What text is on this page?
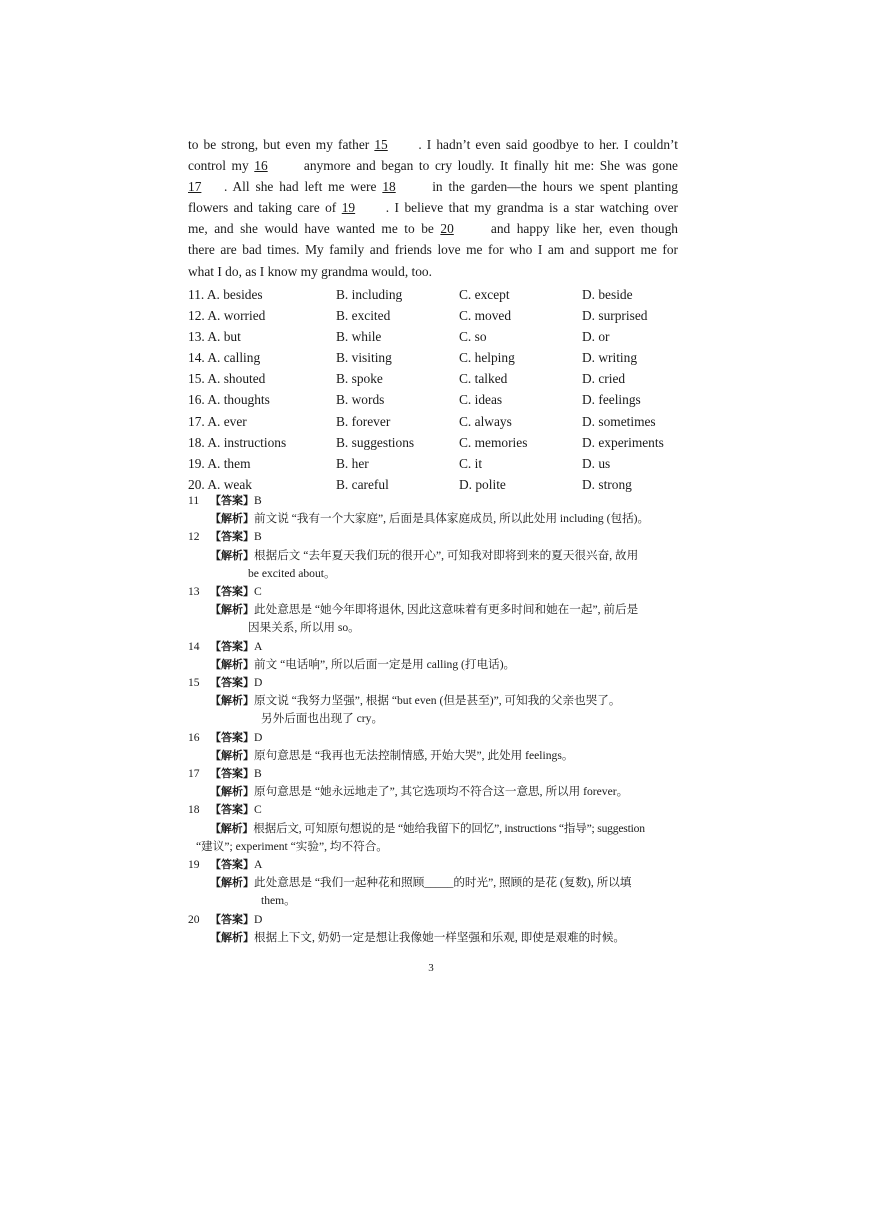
to be strong, but even my father 15 . I hadn’t even said goodbye to her. I couldn’t
control my 16 anymore and began to cry loudly. It finally hit me: She was gone
17 . All she had left me were 18 in the garden—the hours we spent planting
flowers and taking care of 19 . I believe that my grandma is a star watching over
me, and she would have wanted me to be 20 and happy like her, even though
there are bad times. My family and friends love me for who I am and support me for
what I do, as I know my grandma would, too.
11. A. besides	B. including	C. except	D. beside
12. A. worried	B. excited	C. moved	D. surprised
13. A. but	B. while	C. so	D. or
14. A. calling	B. visiting	C. helping	D. writing
15. A. shouted	B. spoke	C. talked	D. cried
16. A. thoughts	B. words	C. ideas	D. feelings
17. A. ever	B. forever	C. always	D. sometimes
18. A. instructions	B. suggestions	C. memories	D. experiments
19. A. them	B. her	C. it	D. us
20. A. weak	B. careful	D. polite	D. strong
11 【答案】B
【解析】前文说 “我有一个大家庭”, 后面是具体家庭成员, 所以此处用 including (包括)。
12 【答案】B
【解析】根据后文 “去年夏天我们玩的很开心”, 可知我对即将到来的夏天很兴奋, 故用
be excited about。
13 【答案】C
【解析】此处意思是 “她今年即将退休, 因此这意味着有更多时间和她在一起”, 前后是
因果关系, 所以用 so。
14 【答案】A
【解析】前文 “电话响”, 所以后面一定是用 calling (打电话)。
15 【答案】D
【解析】原文说 “我努力坚强”, 根据 “but even (但是甚至)”, 可知我的父亲也哭了。
另外后面也出现了 cry。
16 【答案】D
【解析】原句意思是 “我再也无法控制情感, 开始大哭”, 此处用 feelings。
17 【答案】B
【解析】原句意思是 “她永远地走了”, 其它选项均不符合这一意思, 所以用 forever。
18 【答案】C
【解析】根据后文, 可知原句想说的是 “她给我留下的回忆”, instructions “指导”; suggestion
“建议”; experiment “实验”, 均不符合。
19 【答案】A
【解析】此处意思是 “我们一起种花和照顾_____的时光”, 照顾的是花 (复数), 所以填
them。
20 【答案】D
【解析】根据上下文, 奶奶一定是想让我像她一样坚强和乐观, 即使是艰难的时候。
3
